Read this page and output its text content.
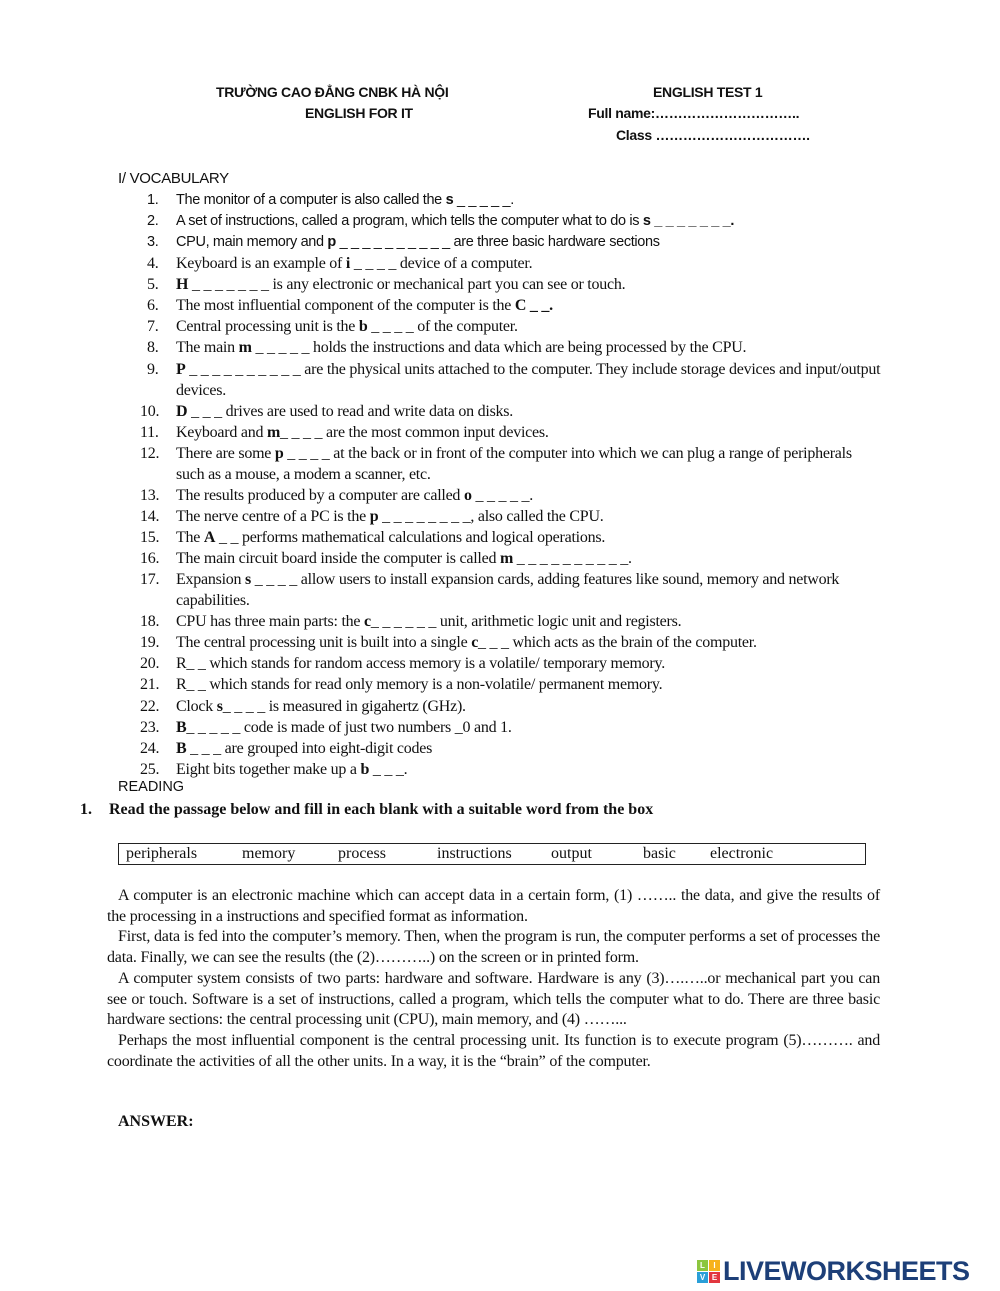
TRƯỜNG CAO ĐẲNG CNBK HÀ NỘI
ENGLISH FOR IT
ENGLISH TEST 1
Full name:…………………………..
Class …………………………….
I/ VOCABULARY
1. The monitor of a computer is also called the s _ _ _ _ _.
2. A set of instructions, called a program, which tells the computer what to do is s _ _ _ _ _ _ _.
3. CPU, main memory and p _ _ _ _ _ _ _ _ _ _ are three basic hardware sections
4. Keyboard is an example of i _ _ _ _ device of a computer.
5. H _ _ _ _ _ _ _ is any electronic or mechanical part you can see or touch.
6. The most influential component of the computer is the C _ _.
7. Central processing unit is the b _ _ _ _ of the computer.
8. The main m _ _ _ _ _ holds the instructions and data which are being processed by the CPU.
9. P _ _ _ _ _ _ _ _ _ _ are the physical units attached to the computer. They include storage devices and input/output devices.
10. D _ _ _ drives are used to read and write data on disks.
11. Keyboard and m_ _ _ _ are the most common input devices.
12. There are some p _ _ _ _ at the back or in front of the computer into which we can plug a range of peripherals such as a mouse, a modem a scanner, etc.
13. The results produced by a computer are called o _ _ _ _ _.
14. The nerve centre of a PC is the p _ _ _ _ _ _ _ _, also called the CPU.
15. The A _ _ performs mathematical calculations and logical operations.
16. The main circuit board inside the computer is called m _ _ _ _ _ _ _ _ _ _.
17. Expansion s _ _ _ _ allow users to install expansion cards, adding features like sound, memory and network capabilities.
18. CPU has three main parts: the c_ _ _ _ _ _ unit, arithmetic logic unit and registers.
19. The central processing unit is built into a single c_ _ _ which acts as the brain of the computer.
20. R_ _ which stands for random access memory is a volatile/ temporary memory.
21. R_ _ which stands for read only memory is a non-volatile/ permanent memory.
22. Clock s_ _ _ _ is measured in gigahertz (GHz).
23. B_ _ _ _ _ code is made of just two numbers _0 and 1.
24. B _ _ _ are grouped into eight-digit codes
25. Eight bits together make up a b _ _ _.
READING
1. Read the passage below and fill in each blank with a suitable word from the box
peripherals	memory	process	instructions output	basic electronic

A computer is an electronic machine which can accept data in a certain form, (1) …….. the data, and give the results of the processing in a instructions and specified format as information.

First, data is fed into the computer’s memory. Then, when the program is run, the computer performs a set of processes the data. Finally, we can see the results (the (2)………..) on the screen or in printed form.

A computer system consists of two parts: hardware and software. Hardware is any (3)….…..or mechanical part you can see or touch. Software is a set of instructions, called a program, which tells the computer what to do. There are three basic hardware sections: the central processing unit (CPU), main memory, and (4) ……...

Perhaps the most influential component is the central processing unit. Its function is to execute program (5)………. and coordinate the activities of all the other units. In a way, it is the “brain” of the computer.

ANSWER:
L	I
V E LIVEWORKSHEETS
